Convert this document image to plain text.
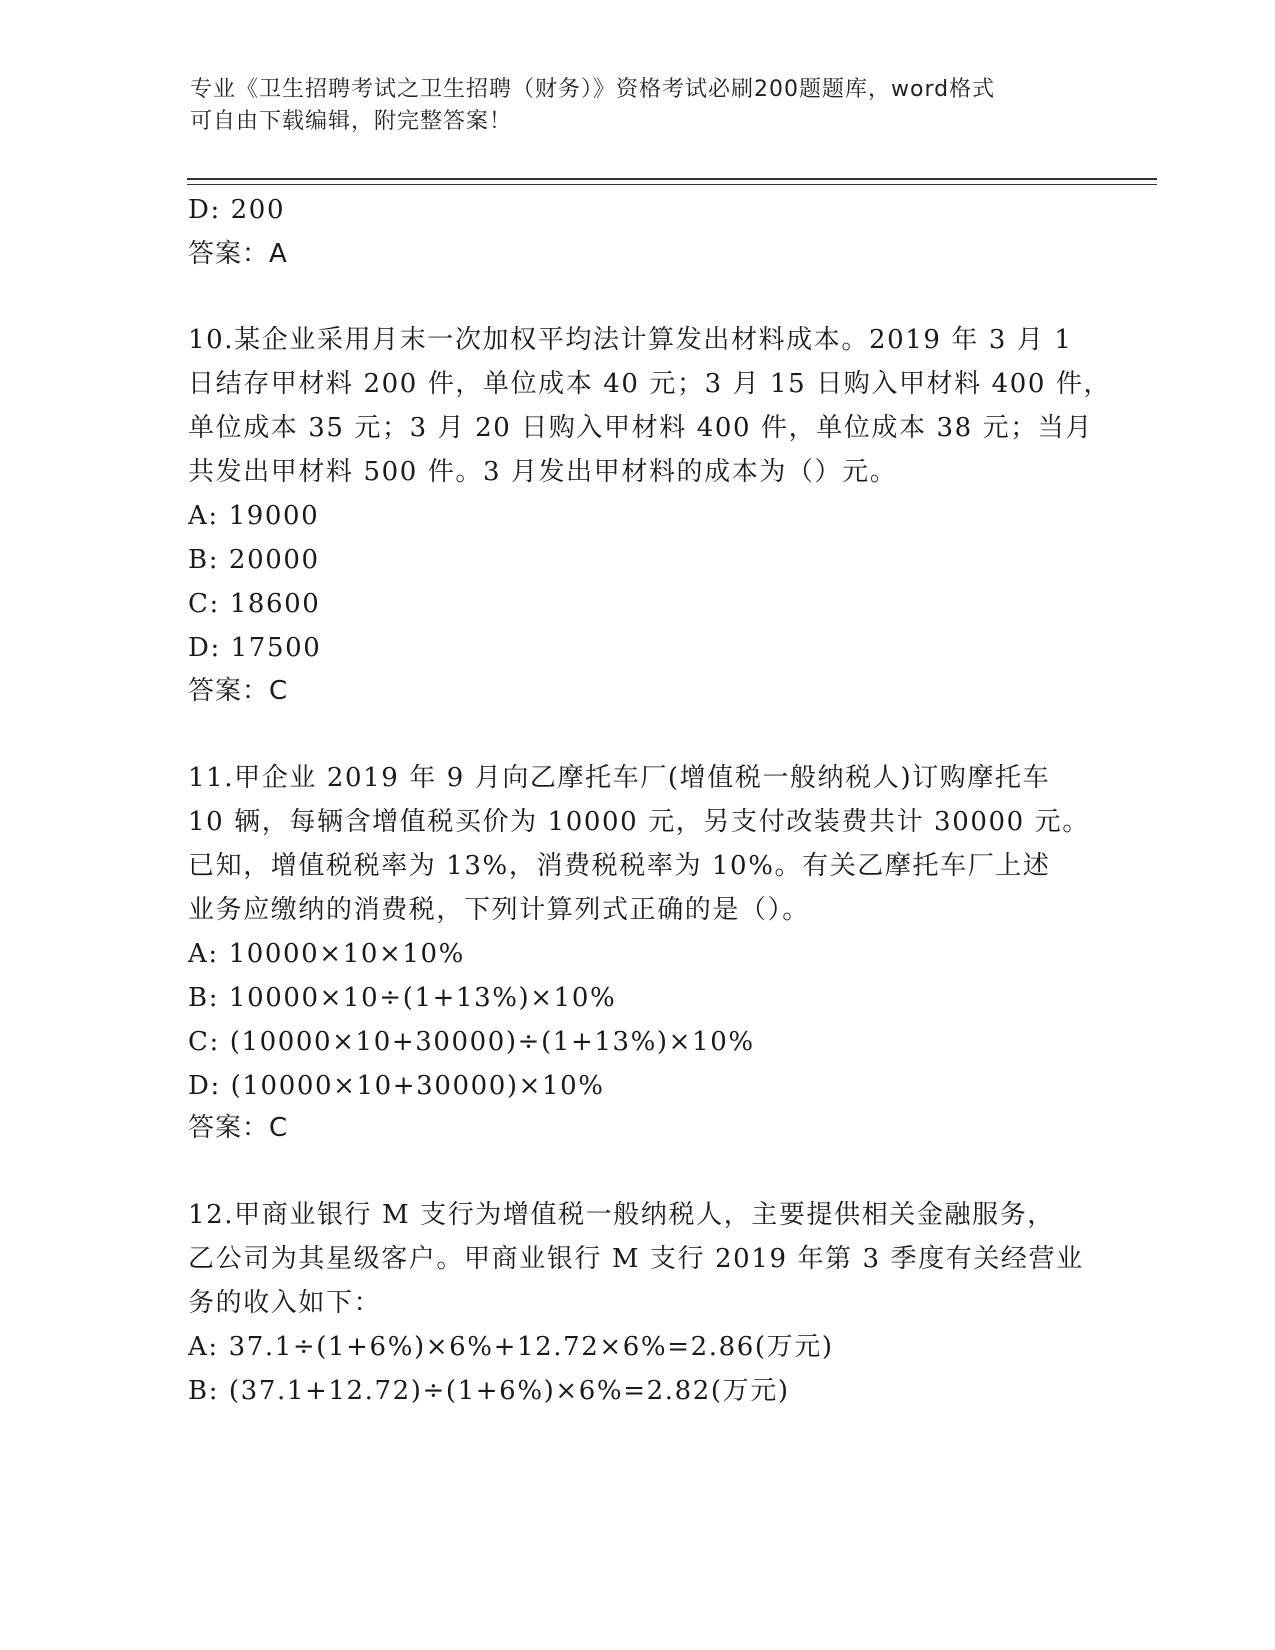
专业《卫生招聘考试之卫生招聘（财务）》资格考试必刷200题题库，word格式
可自由下载编辑，附完整答案！
D: 200
答案：A
10.某企业采用月末一次加权平均法计算发出材料成本。2019 年 3 月 1
日结存甲材料 200 件，单位成本 40 元；3 月 15 日购入甲材料 400 件，
单位成本 35 元；3 月 20 日购入甲材料 400 件，单位成本 38 元；当月
共发出甲材料 500 件。3 月发出甲材料的成本为（）元。
A: 19000
B: 20000
C: 18600
D: 17500
答案：C
11.甲企业 2019 年 9 月向乙摩托车厂(增值税一般纳税人)订购摩托车
10 辆，每辆含增值税买价为 10000 元，另支付改装费共计 30000 元。
已知，增值税税率为 13%，消费税税率为 10%。有关乙摩托车厂上述
业务应缴纳的消费税，下列计算列式正确的是（）。
A: 10000×10×10%
B: 10000×10÷(1+13%)×10%
C: (10000×10+30000)÷(1+13%)×10%
D: (10000×10+30000)×10%
答案：C
12.甲商业银行 M 支行为增值税一般纳税人，主要提供相关金融服务，
乙公司为其星级客户。甲商业银行 M 支行 2019 年第 3 季度有关经营业
务的收入如下：
A: 37.1÷(1+6%)×6%+12.72×6%=2.86(万元)
B: (37.1+12.72)÷(1+6%)×6%=2.82(万元)
